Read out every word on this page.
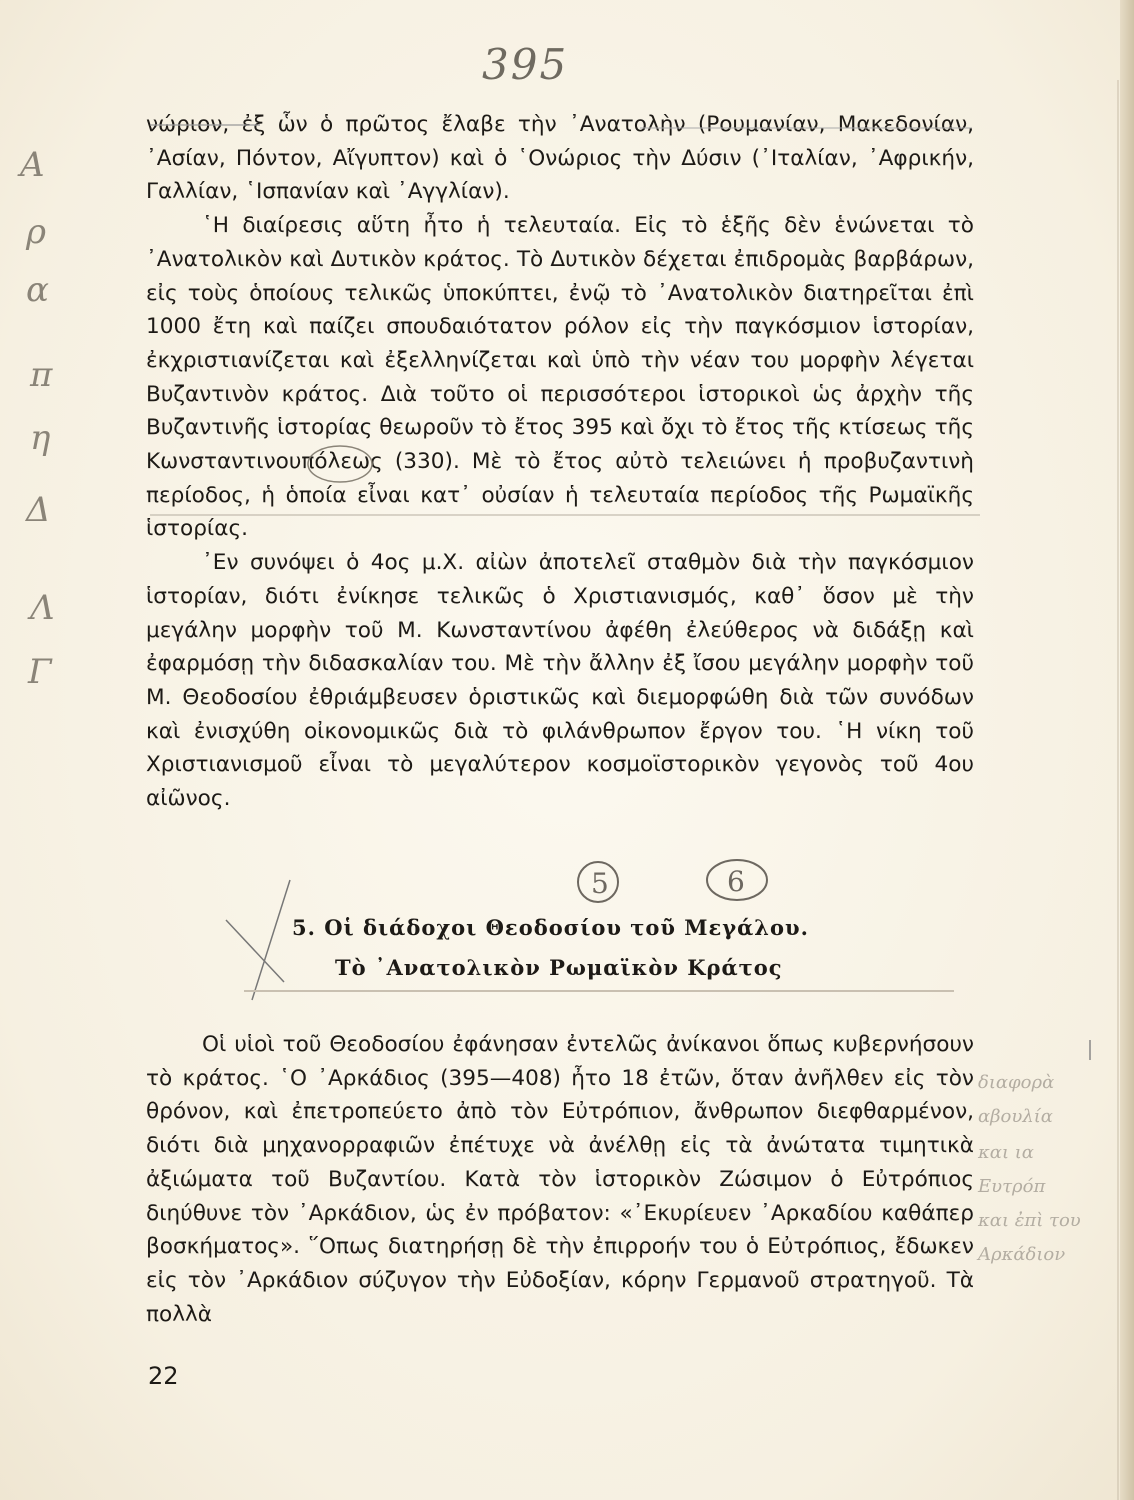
395
Α
ρ
α
π
η
Δ
Λ
Γ
διαφορὰ
αβουλία
και ια
Ευτρόπ
και ἐπὶ του
Αρκάδιον

νώριον, ἐξ ὧν ὁ πρῶτος ἔλαβε τὴν ᾿Ανατολὴν (Ρουμανίαν, Μακεδονίαν, ᾿Ασίαν, Πόντον, Αἴγυπτον) καὶ ὁ ῾Ονώριος τὴν Δύσιν (᾿Ιταλίαν, ᾿Αφρικήν, Γαλλίαν, ῾Ισπανίαν καὶ ᾿Αγγλίαν).

῾Η διαίρεσις αὕτη ἦτο ἡ τελευταία. Εἰς τὸ ἑξῆς δὲν ἑνώνεται τὸ ᾿Ανατολικὸν καὶ Δυτικὸν κράτος. Τὸ Δυτικὸν δέχεται ἐπιδρομὰς βαρβάρων, εἰς τοὺς ὁποίους τελικῶς ὑποκύπτει, ἐνῷ τὸ ᾿Ανατολικὸν διατηρεῖται ἐπὶ 1000 ἔτη καὶ παίζει σπουδαιότατον ρόλον εἰς τὴν παγκόσμιον ἱστορίαν, ἐκχριστιανίζεται καὶ ἐξελληνίζεται καὶ ὑπὸ τὴν νέαν του μορφὴν λέγεται Βυζαντινὸν κράτος. Διὰ τοῦτο οἱ περισσότεροι ἱστορικοὶ ὡς ἀρχὴν τῆς Βυζαντινῆς ἱστορίας θεωροῦν τὸ ἔτος 395 καὶ ὄχι τὸ ἔτος τῆς κτίσεως τῆς Κωνσταντινουπόλεως (330). Μὲ τὸ ἔτος αὐτὸ τελειώνει ἡ προβυζαντινὴ περίοδος, ἡ ὁποία εἶναι κατ᾿ οὐσίαν ἡ τελευταία περίοδος τῆς Ρωμαϊκῆς ἱστορίας.

᾿Εν συνόψει ὁ 4ος μ.Χ. αἰὼν ἀποτελεῖ σταθμὸν διὰ τὴν παγκόσμιον ἱστορίαν, διότι ἐνίκησε τελικῶς ὁ Χριστιανισμός, καθ᾿ ὅσον μὲ τὴν μεγάλην μορφὴν τοῦ Μ. Κωνσταντίνου ἀφέθη ἐλεύθερος νὰ διδάξῃ καὶ ἐφαρμόσῃ τὴν διδασκαλίαν του. Μὲ τὴν ἄλλην ἐξ ἴσου μεγάλην μορφὴν τοῦ Μ. Θεοδοσίου ἐθριάμβευσεν ὁριστικῶς καὶ διεμορφώθη διὰ τῶν συνόδων καὶ ἐνισχύθη οἰκονομικῶς διὰ τὸ φιλάνθρωπον ἔργον του. ῾Η νίκη τοῦ Χριστιανισμοῦ εἶναι τὸ μεγαλύτερον κοσμοϊστορικὸν γεγονὸς τοῦ 4ου αἰῶνος.

5	6
5. Οἱ διάδοχοι Θεοδοσίου τοῦ Μεγάλου.
Τὸ ᾿Ανατολικὸν Ρωμαϊκὸν Κράτος

Οἱ υἱοὶ τοῦ Θεοδοσίου ἐφάνησαν ἐντελῶς ἀνίκανοι ὅπως κυβερνήσουν τὸ κράτος. ῾Ο ᾿Αρκάδιος (395—408) ἦτο 18 ἐτῶν, ὅταν ἀνῆλθεν εἰς τὸν θρόνον, καὶ ἐπετροπεύετο ἀπὸ τὸν Εὐτρόπιον, ἄνθρωπον διεφθαρμένον, διότι διὰ μηχανορραφιῶν ἐπέτυχε νὰ ἀνέλθῃ εἰς τὰ ἀνώτατα τιμητικὰ ἀξιώματα τοῦ Βυζαντίου. Κατὰ τὸν ἱστορικὸν Ζώσιμον ὁ Εὐτρόπιος διηύθυνε τὸν ᾿Αρκάδιον, ὡς ἐν πρόβατον: «᾿Εκυρίευεν ᾿Αρκαδίου καθάπερ βοσκήματος». ῞Οπως διατηρήσῃ δὲ τὴν ἐπιρροήν του ὁ Εὐτρόπιος, ἔδωκεν εἰς τὸν ᾿Αρκάδιον σύζυγον τὴν Εὐδοξίαν, κόρην Γερμανοῦ στρατηγοῦ. Τὰ πολλὰ

22
